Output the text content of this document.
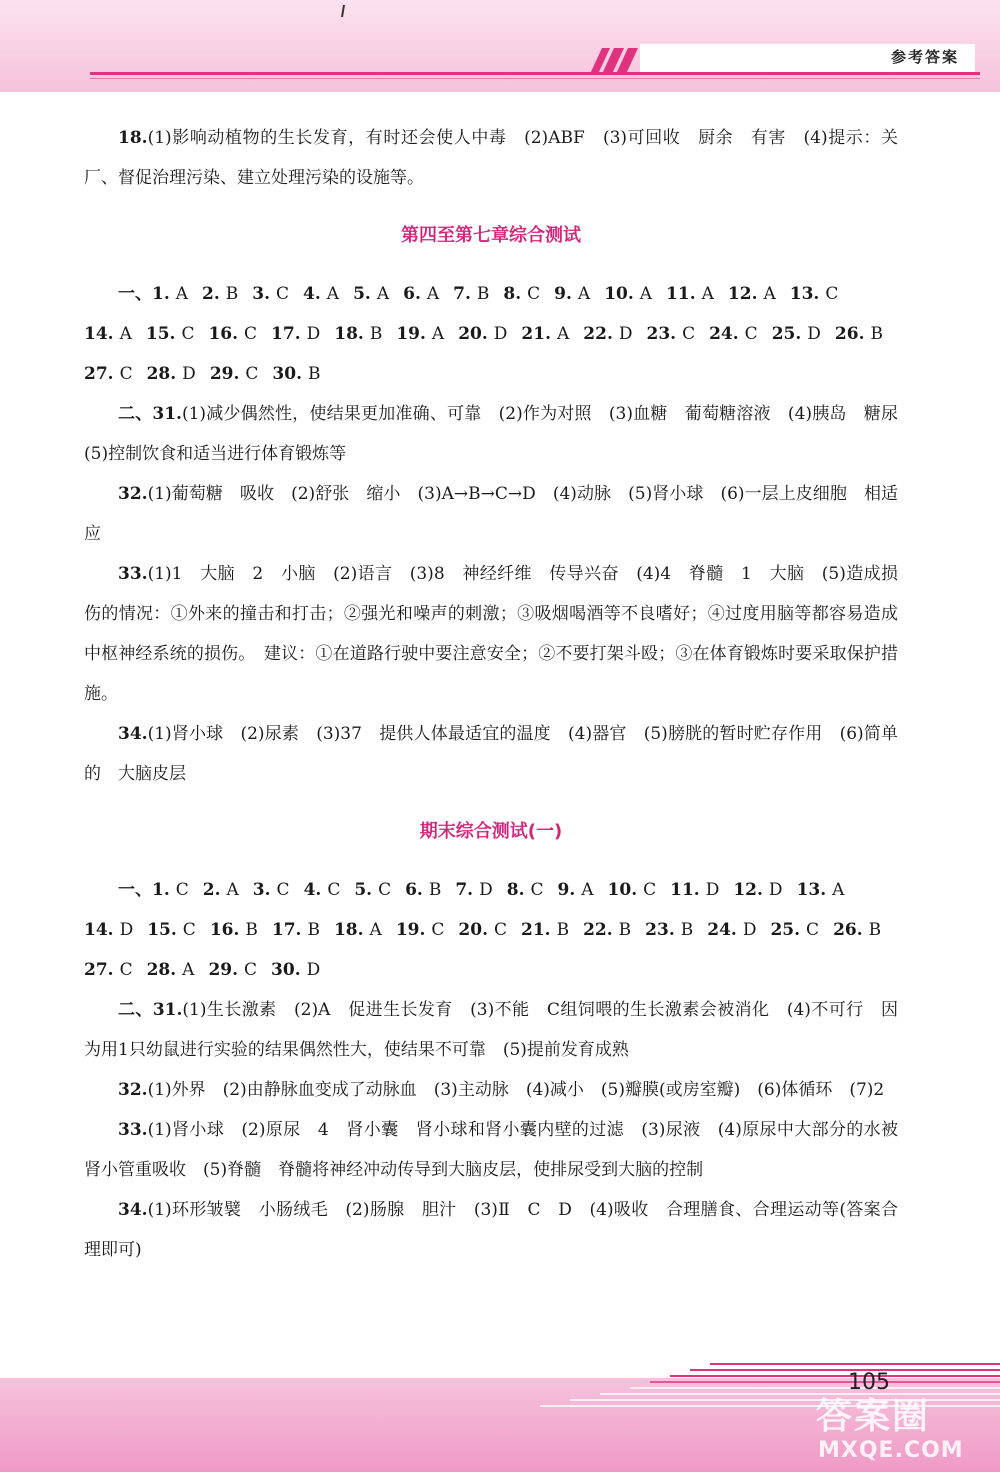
参考答案

18.(1)影响动植物的生长发育，有时还会使人中毒　(2)ABF　(3)可回收　厨余　有害　(4)提示：关厂、督促治理污染、建立处理污染的设施等。

第四至第七章综合测试
一、1. A 2. B 3. C 4. A 5. A 6. A 7. B 8. C 9. A 10. A 11. A 12. A 13. C
14. A 15. C 16. C 17. D 18. B 19. A 20. D 21. A 22. D 23. C 24. C 25. D 26. B
27. C 28. D 29. C 30. B

二、31.(1)减少偶然性，使结果更加准确、可靠　(2)作为对照　(3)血糖　葡萄糖溶液　(4)胰岛　糖尿　(5)控制饮食和适当进行体育锻炼等

32.(1)葡萄糖　吸收　(2)舒张　缩小　(3)A→B→C→D　(4)动脉　(5)肾小球　(6)一层上皮细胞　相适应

33.(1)1　大脑　2　小脑　(2)语言　(3)8　神经纤维　传导兴奋　(4)4　脊髓　1　大脑　(5)造成损伤的情况：①外来的撞击和打击；②强光和噪声的刺激；③吸烟喝酒等不良嗜好；④过度用脑等都容易造成中枢神经系统的损伤。　建议：①在道路行驶中要注意安全；②不要打架斗殴；③在体育锻炼时要采取保护措施。

34.(1)肾小球　(2)尿素　(3)37　提供人体最适宜的温度　(4)器官　(5)膀胱的暂时贮存作用　(6)简单的　大脑皮层

期末综合测试(一)
一、1. C 2. A 3. C 4. C 5. C 6. B 7. D 8. C 9. A 10. C 11. D 12. D 13. A
14. D 15. C 16. B 17. B 18. A 19. C 20. C 21. B 22. B 23. B 24. D 25. C 26. B
27. C 28. A 29. C 30. D

二、31.(1)生长激素　(2)A　促进生长发育　(3)不能　C组饲喂的生长激素会被消化　(4)不可行　因为用1只幼鼠进行实验的结果偶然性大，使结果不可靠　(5)提前发育成熟

32.(1)外界　(2)由静脉血变成了动脉血　(3)主动脉　(4)减小　(5)瓣膜(或房室瓣)　(6)体循环　(7)2

33.(1)肾小球　(2)原尿　4　肾小囊　肾小球和肾小囊内壁的过滤　(3)尿液　(4)原尿中大部分的水被肾小管重吸收　(5)脊髓　脊髓将神经冲动传导到大脑皮层，使排尿受到大脑的控制

34.(1)环形皱襞　小肠绒毛　(2)肠腺　胆汁　(3)Ⅱ　C　D　(4)吸收　合理膳食、合理运动等(答案合理即可)

105
答案圈
MXQE.COM
